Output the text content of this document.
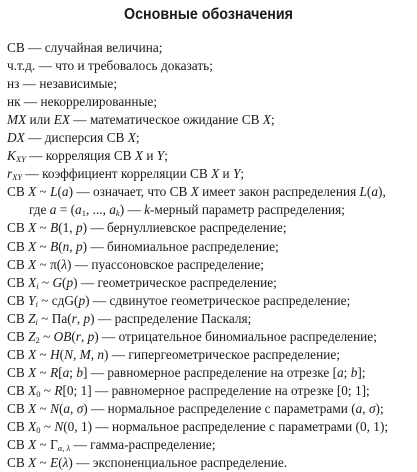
Основные обозначения
СВ — случайная величина;
ч.т.д. — что и требовалось доказать;
нз — независимые;
нк — некоррелированные;
MX или EX — математическое ожидание СВ X;
DX — дисперсия СВ X;
$K_{XY}$ — корреляция СВ X и Y;
$r_{XY}$ — коэффициент корреляции СВ X и Y;
СВ X ~ L(a) — означает, что СВ X имеет закон распределения L(a),
где $a = (a_1$, ..., $a_k$) — k-мерный параметр распределения;
СВ X ~ B(1, p) — бернуллиевское распределение;
СВ X ~ B(n, p) — биномиальное распределение;
СВ X ~ π(λ) — пуассоновское распределение;
СВ $X_i$ ~ G(p) — геометрическое распределение;
СВ $Y_i$ ~ сдG(p) — сдвинутое геометрическое распределение;
СВ $Z_i$ ~ Па(r, p) — распределение Паскаля;
СВ $Z_2$ ~ OB(r, p) — отрицательное биномиальное распределение;
СВ X ~ H(N, M, n) — гипергеометрическое распределение;
СВ X ~ R[a; b] — равномерное распределение на отрезке [a; b];
СВ $X_0$ ~ R[0; 1] — равномерное распределение на отрезке [0; 1];
СВ X ~ N(a, σ) — нормальное распределение с параметрами (a, σ);
СВ $X_0$ ~ N(0, 1) — нормальное распределение с параметрами (0, 1);
СВ X ~ $\Gamma_{\alpha, \lambda}$ — гамма-распределение;
СВ X ~ E(λ) — экспоненциальное распределение.
